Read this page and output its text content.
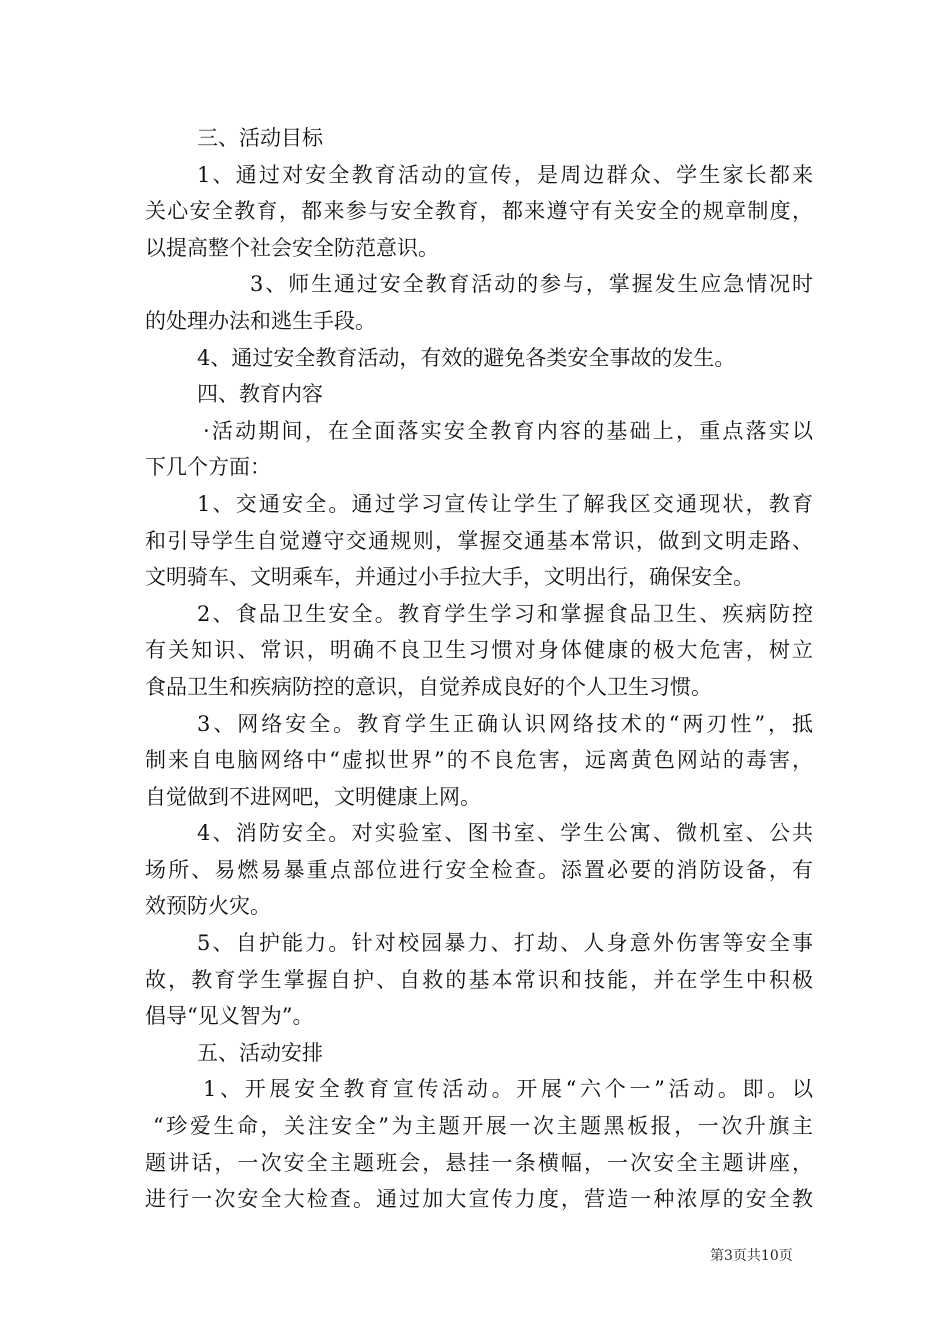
三、活动目标
1、通过对安全教育活动的宣传，是周边群众、学生家长都来
关心安全教育，都来参与安全教育，都来遵守有关安全的规章制度，
以提高整个社会安全防范意识。
3、师生通过安全教育活动的参与，掌握发生应急情况时
的处理办法和逃生手段。
4、通过安全教育活动，有效的避免各类安全事故的发生。
四、教育内容
·活动期间，在全面落实安全教育内容的基础上，重点落实以
下几个方面：
1、交通安全。通过学习宣传让学生了解我区交通现状，教育
和引导学生自觉遵守交通规则，掌握交通基本常识，做到文明走路、
文明骑车、文明乘车，并通过小手拉大手，文明出行，确保安全。
2、食品卫生安全。教育学生学习和掌握食品卫生、疾病防控
有关知识、常识，明确不良卫生习惯对身体健康的极大危害，树立
食品卫生和疾病防控的意识，自觉养成良好的个人卫生习惯。
3、网络安全。教育学生正确认识网络技术的“两刃性”，抵
制来自电脑网络中“虚拟世界”的不良危害，远离黄色网站的毒害，
自觉做到不进网吧，文明健康上网。
4、消防安全。对实验室、图书室、学生公寓、微机室、公共
场所、易燃易暴重点部位进行安全检查。添置必要的消防设备，有
效预防火灾。
5、自护能力。针对校园暴力、打劫、人身意外伤害等安全事
故，教育学生掌握自护、自救的基本常识和技能，并在学生中积极
倡导“见义智为”。
五、活动安排
1、开展安全教育宣传活动。开展“六个一”活动。即。以
“珍爱生命，关注安全”为主题开展一次主题黑板报，一次升旗主
题讲话，一次安全主题班会，悬挂一条横幅，一次安全主题讲座，
进行一次安全大检查。通过加大宣传力度，营造一种浓厚的安全教
第3页共10页
